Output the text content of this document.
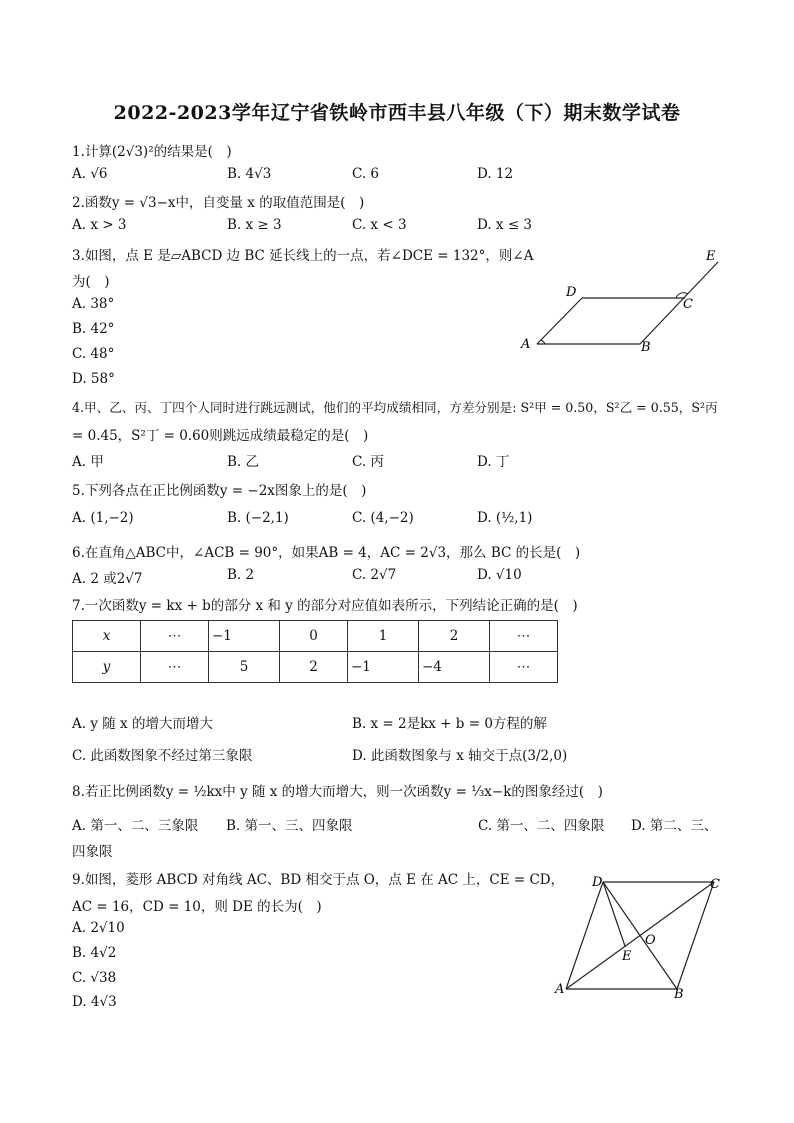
2022-2023学年辽宁省铁岭市西丰县八年级（下）期末数学试卷
1.计算(2√3)²的结果是(　)
A. √6	B. 4√3	C. 6	D. 12
2.函数y = √3−x中，自变量 x 的取值范围是(　)
A. x > 3	B. x ≥ 3	C. x < 3	D. x ≤ 3
3.如图，点 E 是▱ABCD 边 BC 延长线上的一点，若∠DCE = 132°，则∠A
为(　)
A. 38°
B. 42°
C. 48°
D. 58°
E
D
C
A	B
4.甲、乙、丙、丁四个人同时进行跳远测试，他们的平均成绩相同，方差分别是: S²甲 = 0.50，S²乙 = 0.55，S²丙
= 0.45，S²丁 = 0.60则跳远成绩最稳定的是(　)
A. 甲	B. 乙	C. 丙	D. 丁
5.下列各点在正比例函数y = −2x图象上的是(　)
A. (1,−2)	B. (−2,1)	C. (4,−2)	D. (½,1)
6.在直角△ABC中，∠ACB = 90°，如果AB = 4，AC = 2√3，那么 BC 的长是(　)
A. 2 或2√7	B. 2	C. 2√7	D. √10
7.一次函数y = kx + b的部分 x 和 y 的部分对应值如表所示，下列结论正确的是(　)
x	⋯	−1	0	1	2	⋯
y	⋯	5	2	−1	−4	⋯
A. y 随 x 的增大而增大	B. x = 2是kx + b = 0方程的解
C. 此函数图象不经过第三象限	D. 此函数图象与 x 轴交于点(3/2,0)
8.若正比例函数y = ½kx中 y 随 x 的增大而增大，则一次函数y = ⅓x−k的图象经过(　)
A. 第一、二、三象限 B. 第一、三、四象限	C. 第一、二、四象限 D. 第二、三、
四象限
9.如图，菱形 ABCD 对角线 AC、BD 相交于点 O，点 E 在 AC 上，CE = CD，
AC = 16，CD = 10，则 DE 的长为(　)
A. 2√10
B. 4√2
C. √38
D. 4√3
D	C
O
E
A	B
